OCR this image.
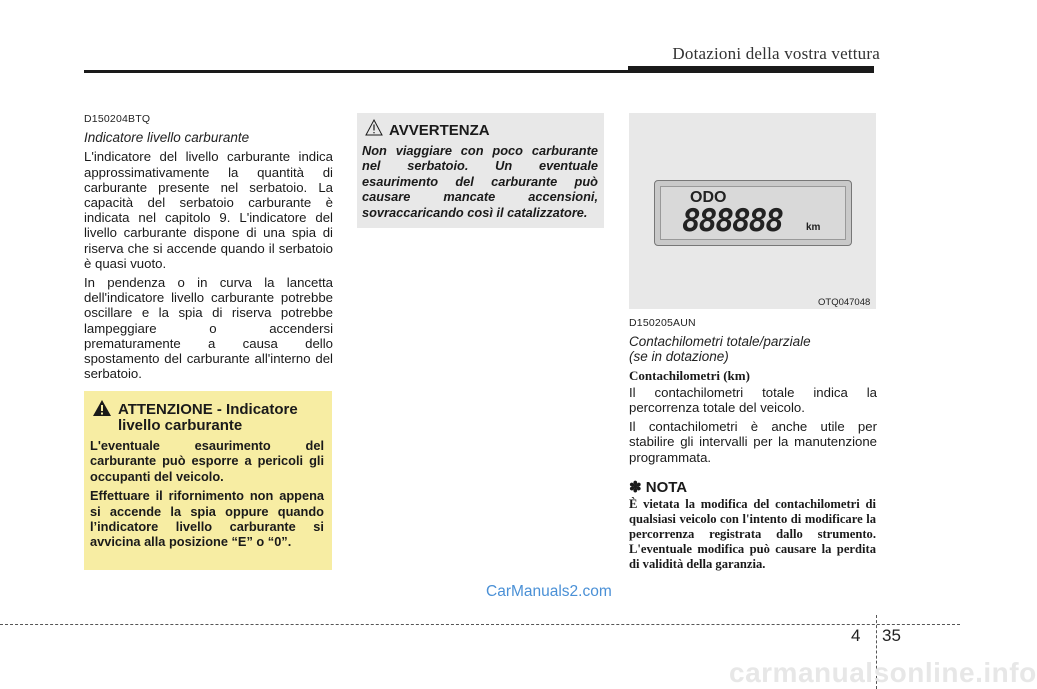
Dotazioni della vostra vettura
D150204BTQ
Indicatore livello carburante

L'indicatore del livello carburante indica approssimativamente la quantità di carburante presente nel serbatoio. La capacità del serbatoio carburante è indicata nel capitolo 9. L'indicatore del livello carburante dispone di una spia di riserva che si accende quando il serbatoio è quasi vuoto.

In pendenza o in curva la lancetta dell'indicatore livello carburante potrebbe oscillare e la spia di riserva potrebbe lampeggiare o accendersi prematuramente a causa dello spostamento del carburante all'interno del serbatoio.

ATTENZIONE - Indicatore livello carburante

L'eventuale esaurimento del carburante può esporre a pericoli gli occupanti del veicolo.

Effettuare il rifornimento non appena si accende la spia oppure quando l’indicatore livello carburante si avvicina alla posizione “E” o “0”.

AVVERTENZA
Non viaggiare con poco carburante nel serbatoio. Un eventuale esaurimento del carburante può causare mancate accensioni, sovraccaricando così il catalizzatore.
ODO
888888 km
OTQ047048
D150205AUN
Contachilometri totale/parziale
(se in dotazione)
Contachilometri (km)

Il contachilometri totale indica la percorrenza totale del veicolo.

Il contachilometri è anche utile per stabilire gli intervalli per la manutenzione programmata.

✽ NOTA
È vietata la modifica del contachilometri di qualsiasi veicolo con l'intento di modificare la percorrenza registrata dallo strumento. L'eventuale modifica può causare la perdita di validità della garanzia.
CarManuals2.com
4 35
carmanualsonline.info
